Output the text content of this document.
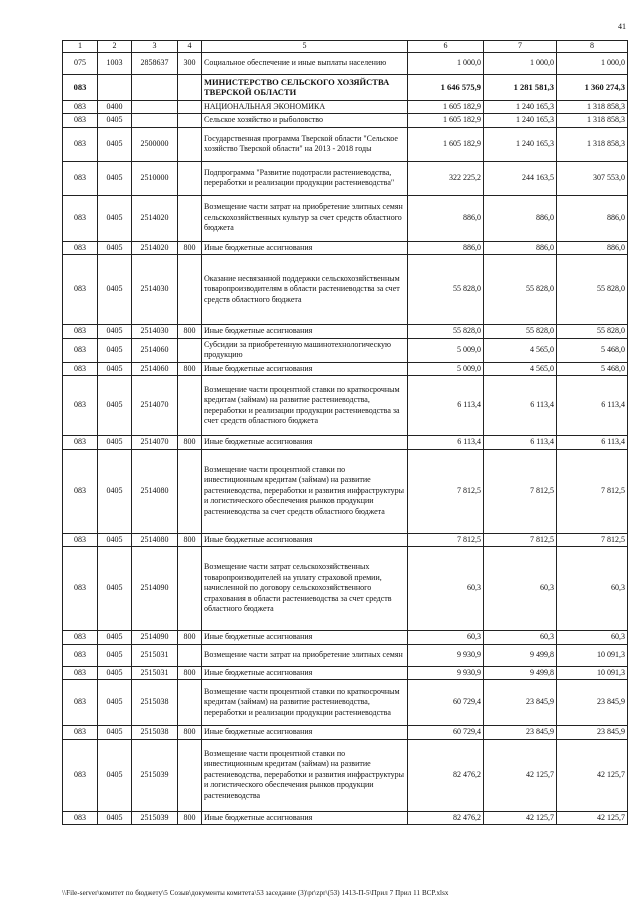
41
1	2	3	4	5	6	7	8
075	1003	2858637	300	Социальное обеспечение и иные выплаты населению	1 000,0	1 000,0	1 000,0
083				МИНИСТЕРСТВО СЕЛЬСКОГО ХОЗЯЙСТВА ТВЕРСКОЙ ОБЛАСТИ	1 646 575,9	1 281 581,3	1 360 274,3
083	0400			НАЦИОНАЛЬНАЯ ЭКОНОМИКА	1 605 182,9	1 240 165,3	1 318 858,3
083	0405			Сельское хозяйство и рыболовство	1 605 182,9	1 240 165,3	1 318 858,3
083	0405	2500000		Государственная программа Тверской области "Сельское хозяйство Тверской области" на 2013 - 2018 годы	1 605 182,9	1 240 165,3	1 318 858,3
083	0405	2510000		Подпрограмма "Развитие подотрасли растениеводства, переработки и реализации продукции растениеводства"	322 225,2	244 163,5	307 553,0
083	0405	2514020		Возмещение части затрат на приобретение элитных семян сельскохозяйственных культур за счет средств областного бюджета	886,0	886,0	886,0
083	0405	2514020	800	Иные бюджетные ассигнования	886,0	886,0	886,0
083	0405	2514030		Оказание несвязанной поддержки сельскохозяйственным товаропроизводителям в области растениеводства за счет средств областного бюджета	55 828,0	55 828,0	55 828,0
083	0405	2514030	800	Иные бюджетные ассигнования	55 828,0	55 828,0	55 828,0
083	0405	2514060		Субсидии за приобретенную машинотехнологическую продукцию	5 009,0	4 565,0	5 468,0
083	0405	2514060	800	Иные бюджетные ассигнования	5 009,0	4 565,0	5 468,0
083	0405	2514070		Возмещение части процентной ставки по краткосрочным кредитам (займам) на развитие растениеводства, переработки и реализации продукции растениеводства за счет средств областного бюджета	6 113,4	6 113,4	6 113,4
083	0405	2514070	800	Иные бюджетные ассигнования	6 113,4	6 113,4	6 113,4
083	0405	2514080		Возмещение части процентной ставки по инвестиционным кредитам (займам) на развитие растениеводства, переработки и развития инфраструктуры и логистического обеспечения рынков продукции растениеводства за счет средств областного бюджета	7 812,5	7 812,5	7 812,5
083	0405	2514080	800	Иные бюджетные ассигнования	7 812,5	7 812,5	7 812,5
083	0405	2514090		Возмещение части затрат сельскохозяйственных товаропроизводителей на уплату страховой премии, начисленной по договору сельскохозяйственного страхования в области растениеводства за счет средств областного бюджета	60,3	60,3	60,3
083	0405	2514090	800	Иные бюджетные ассигнования	60,3	60,3	60,3
083	0405	2515031		Возмещение части затрат на приобретение элитных семян	9 930,9	9 499,8	10 091,3
083	0405	2515031	800	Иные бюджетные ассигнования	9 930,9	9 499,8	10 091,3
083	0405	2515038		Возмещение части процентной ставки по краткосрочным кредитам (займам) на развитие растениеводства, переработки и реализации продукции растениеводства	60 729,4	23 845,9	23 845,9
083	0405	2515038	800	Иные бюджетные ассигнования	60 729,4	23 845,9	23 845,9
083	0405	2515039		Возмещение части процентной ставки по инвестиционным кредитам (займам) на развитие растениеводства, переработки и развития инфраструктуры и логистического обеспечения рынков продукции растениеводства	82 476,2	42 125,7	42 125,7
083	0405	2515039	800	Иные бюджетные ассигнования	82 476,2	42 125,7	42 125,7
\\File-server\комитет по бюджету\5 Созыв\документы комитета\53 заседание (3)\pr\zpr\(53) 1413-П-5\Прил 7 Прил 11 ВСР.xlsx
